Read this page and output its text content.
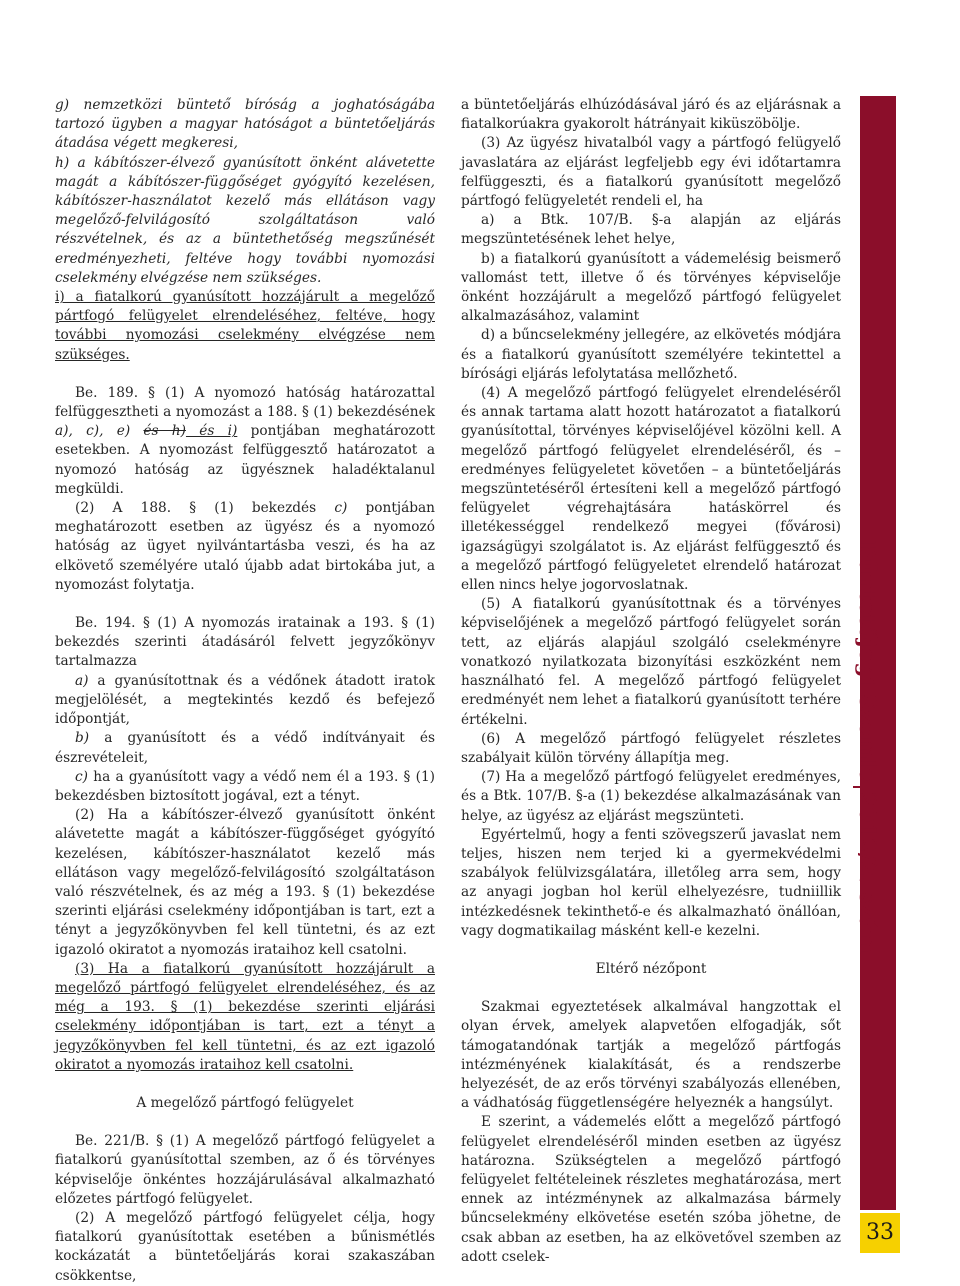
g) nemzetközi büntető bíróság a joghatóságába tartozó ügyben a magyar hatóságot a büntetőeljárás átadása végett megkeresi,

h) a kábítószer-élvező gyanúsított önként alávetette magát a kábítószer-függőséget gyógyító kezelésen, kábítószer-használatot kezelő más ellátáson vagy megelőző-felvilágosító szolgáltatáson való részvételnek, és az a büntethetőség megszűnését eredményezheti, feltéve hogy további nyomozási cselekmény elvégzése nem szükséges.

i) a fiatalkorú gyanúsított hozzájárult a megelőző pártfogó felügyelet elrendeléséhez, feltéve, hogy további nyomozási cselekmény elvégzése nem szükséges.

Be. 189. § (1) A nyomozó hatóság határozattal felfüggesztheti a nyomozást a 188. § (1) bekezdésének a), c), e) és h) és i) pontjában meghatározott esetekben. A nyomozást felfüggesztő határozatot a nyomozó hatóság az ügyésznek haladéktalanul megküldi.

(2) A 188. § (1) bekezdés c) pontjában meghatározott esetben az ügyész és a nyomozó hatóság az ügyet nyilvántartásba veszi, és ha az elkövető személyére utaló újabb adat birtokába jut, a nyomozást folytatja.

Be. 194. § (1) A nyomozás iratainak a 193. § (1) bekezdés szerinti átadásáról felvett jegyzőkönyv tartalmazza

a) a gyanúsítottnak és a védőnek átadott iratok megjelölését, a megtekintés kezdő és befejező időpontját,

b) a gyanúsított és a védő indítványait és észrevételeit,

c) ha a gyanúsított vagy a védő nem él a 193. § (1) bekezdésben biztosított jogával, ezt a tényt.

(2) Ha a kábítószer-élvező gyanúsított önként alávetette magát a kábítószer-függőséget gyógyító kezelésen, kábítószer-használatot kezelő más ellátáson vagy megelőző-felvilágosító szolgáltatáson való részvételnek, és az még a 193. § (1) bekezdése szerinti eljárási cselekmény időpontjában is tart, ezt a tényt a jegyzőkönyvben fel kell tüntetni, és az ezt igazoló okiratot a nyomozás irataihoz kell csatolni.

(3) Ha a fiatalkorú gyanúsított hozzájárult a megelőző pártfogó felügyelet elrendeléséhez, és az még a 193. § (1) bekezdése szerinti eljárási cselekmény időpontjában is tart, ezt a tényt a jegyzőkönyvben fel kell tüntetni, és az ezt igazoló okiratot a nyomozás irataihoz kell csatolni.

A megelőző pártfogó felügyelet

Be. 221/B. § (1) A megelőző pártfogó felügyelet a fiatalkorú gyanúsítottal szemben, az ő és törvényes képviselője önkéntes hozzájárulásával alkalmazható előzetes pártfogó felügyelet.

(2) A megelőző pártfogó felügyelet célja, hogy fiatalkorú gyanúsítottak esetében a bűnismétlés kockázatát a büntetőeljárás korai szakaszában csökkentse,

a büntetőeljárás elhúzódásával járó és az eljárásnak a fiatalkorúakra gyakorolt hátrányait kiküszöbölje.

(3) Az ügyész hivatalból vagy a pártfogó felügyelő javaslatára az eljárást legfeljebb egy évi időtartamra felfüggeszti, és a fiatalkorú gyanúsított megelőző pártfogó felügyeletét rendeli el, ha

a) a Btk. 107/B. §-a alapján az eljárás megszüntetésének lehet helye,

b) a fiatalkorú gyanúsított a vádemelésig beismerő vallomást tett, illetve ő és törvényes képviselője önként hozzájárult a megelőző pártfogó felügyelet alkalmazásához, valamint

d) a bűncselekmény jellegére, az elkövetés módjára és a fiatalkorú gyanúsított személyére tekintettel a bírósági eljárás lefolytatása mellőzhető.

(4) A megelőző pártfogó felügyelet elrendeléséről és annak tartama alatt hozott határozatot a fiatalkorú gyanúsítottal, törvényes képviselőjével közölni kell. A megelőző pártfogó felügyelet elrendeléséről, és – eredményes felügyeletet követően – a büntetőeljárás megszüntetéséről értesíteni kell a megelőző pártfogó felügyelet végrehajtására hatáskörrel és illetékességgel rendelkező megyei (fővárosi) igazságügyi szolgálatot is. Az eljárást felfüggesztő és a megelőző pártfogó felügyeletet elrendelő határozat ellen nincs helye jogorvoslatnak.

(5) A fiatalkorú gyanúsítottnak és a törvényes képviselőjének a megelőző pártfogó felügyelet során tett, az eljárás alapjául szolgáló cselekményre vonatkozó nyilatkozata bizonyítási eszközként nem használható fel. A megelőző pártfogó felügyelet eredményét nem lehet a fiatalkorú gyanúsított terhére értékelni.

(6) A megelőző pártfogó felügyelet részletes szabályait külön törvény állapítja meg.

(7) Ha a megelőző pártfogó felügyelet eredményes, és a Btk. 107/B. §-a (1) bekezdése alkalmazásának van helye, az ügyész az eljárást megszünteti.

Egyértelmű, hogy a fenti szövegszerű javaslat nem teljes, hiszen nem terjed ki a gyermekvédelmi szabályok felülvizsgálatára, illetőleg arra sem, hogy az anyagi jogban hol kerül elhelyezésre, tudniillik intézkedésnek tekinthető-e és alkalmazható önállóan, vagy dogmatikailag másként kell-e kezelni.

Eltérő nézőpont

Szakmai egyeztetések alkalmával hangzottak el olyan érvek, amelyek alapvetően elfogadják, sőt támogatandónak tartják a megelőző pártfogás intézményének kialakítását, és a rendszerbe helyezését, de az erős törvényi szabályozás ellenében, a vádhatóság függetlenségére helyeznék a hangsúlyt.

E szerint, a vádemelés előtt a megelőző pártfogó felügyelet elrendeléséről minden esetben az ügyész határozna. Szükségtelen a megelőző pártfogó felügyelet feltételeinek részletes meghatározása, mert ennek az intézménynek az alkalmazása bármely bűncselekmény elkövetése esetén szóba jöhetne, de csak abban az esetben, ha az elkövetővel szemben az adott cselek-

Büntetőjogi Szemle2012/2. szám
33
